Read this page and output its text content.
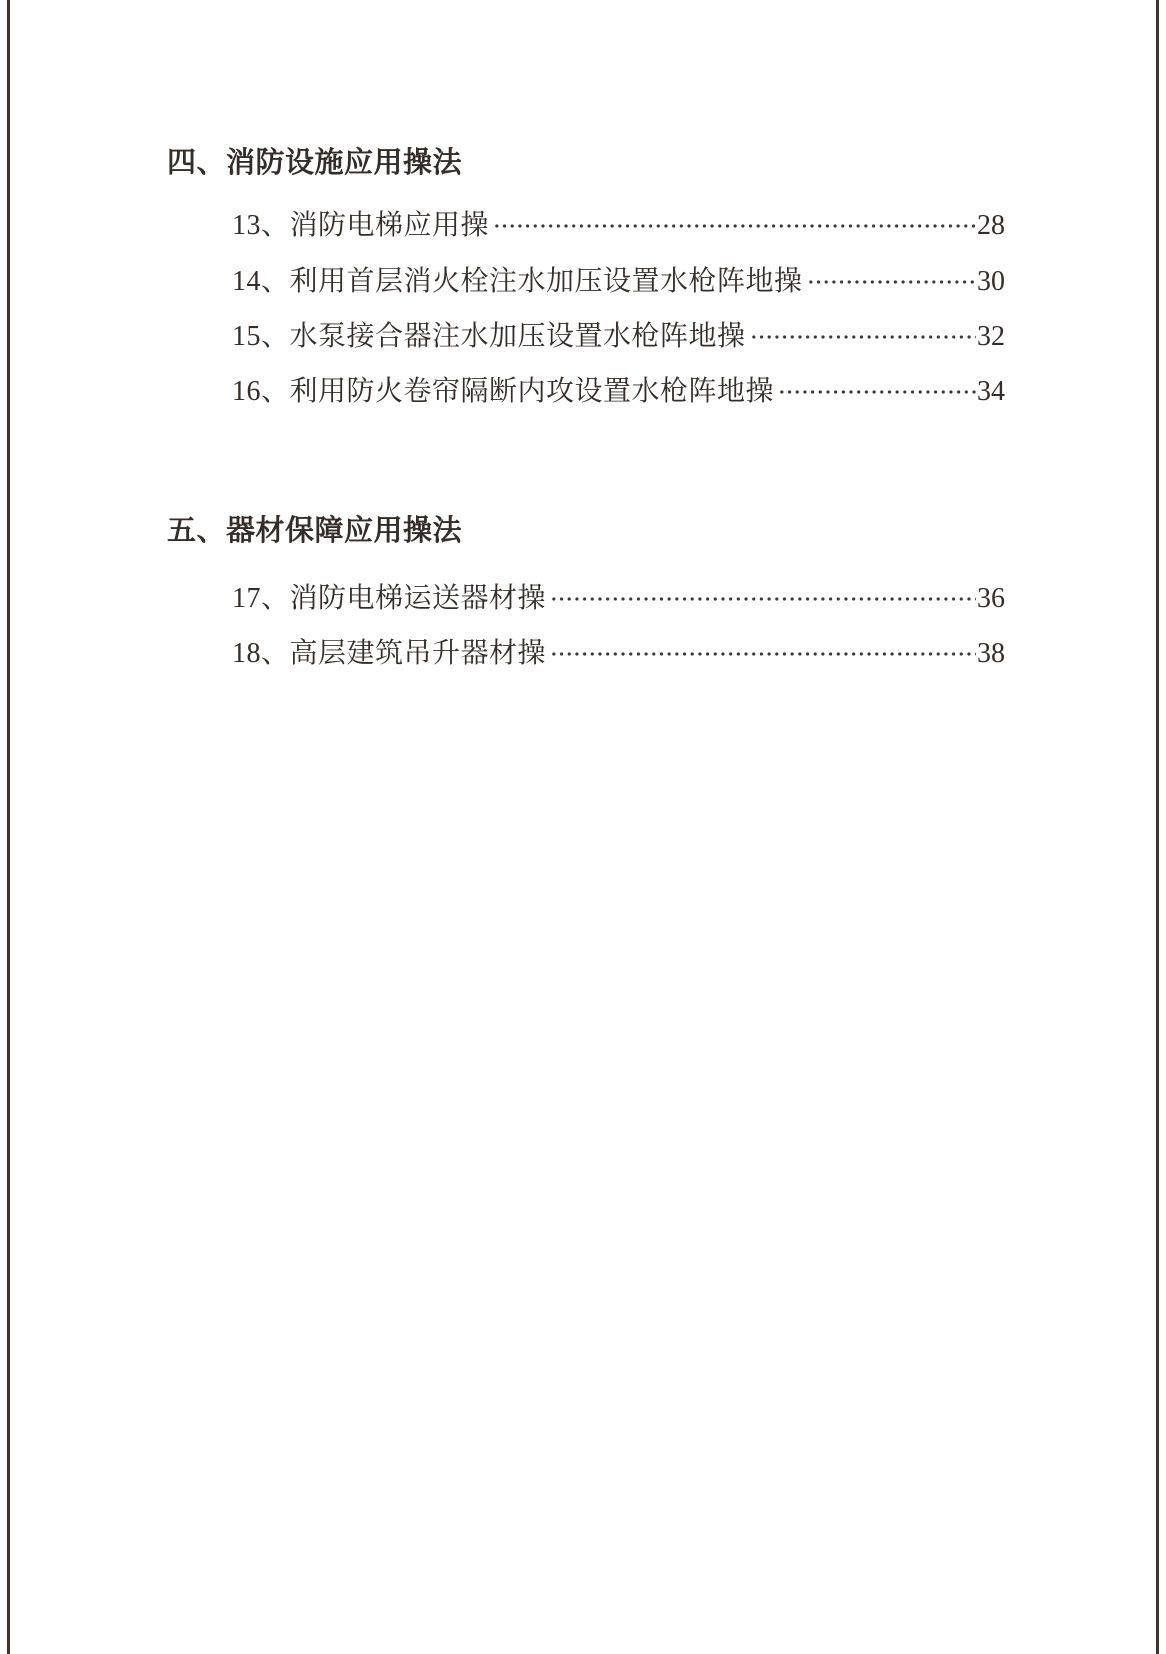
四、消防设施应用操法
13、消防电梯应用操	28
14、利用首层消火栓注水加压设置水枪阵地操	30
15、水泵接合器注水加压设置水枪阵地操	32
16、利用防火卷帘隔断内攻设置水枪阵地操	34
五、器材保障应用操法
17、消防电梯运送器材操	36
18、高层建筑吊升器材操	38
